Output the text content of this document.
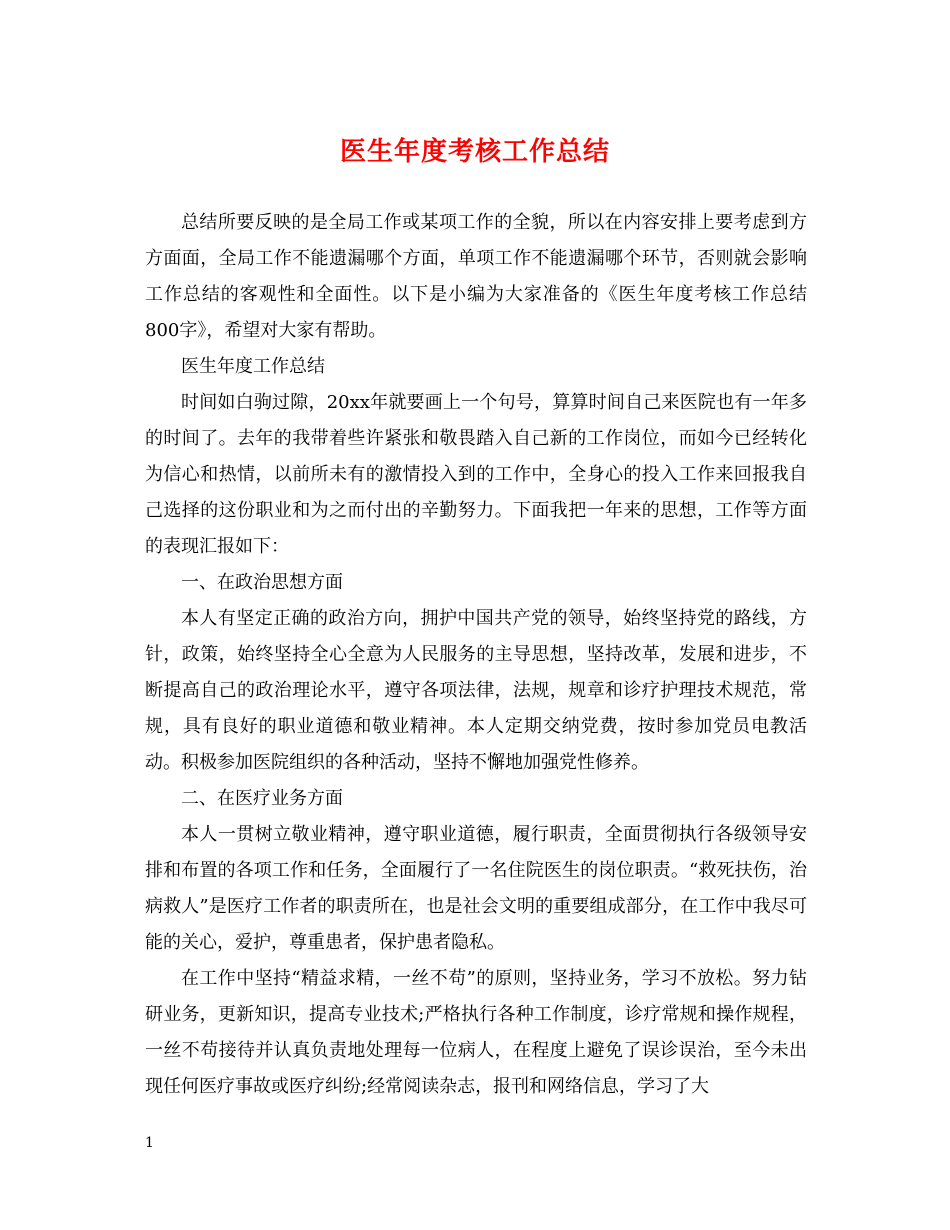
医生年度考核工作总结

总结所要反映的是全局工作或某项工作的全貌，所以在内容安排上要考虑到方方面面，全局工作不能遗漏哪个方面，单项工作不能遗漏哪个环节，否则就会影响工作总结的客观性和全面性。以下是小编为大家准备的《医生年度考核工作总结800字》，希望对大家有帮助。

医生年度工作总结

时间如白驹过隙，20xx年就要画上一个句号，算算时间自己来医院也有一年多的时间了。去年的我带着些许紧张和敬畏踏入自己新的工作岗位，而如今已经转化为信心和热情，以前所未有的激情投入到的工作中，全身心的投入工作来回报我自己选择的这份职业和为之而付出的辛勤努力。下面我把一年来的思想，工作等方面的表现汇报如下：

一、在政治思想方面

本人有坚定正确的政治方向，拥护中国共产党的领导，始终坚持党的路线，方针，政策，始终坚持全心全意为人民服务的主导思想，坚持改革，发展和进步，不断提高自己的政治理论水平，遵守各项法律，法规，规章和诊疗护理技术规范，常规，具有良好的职业道德和敬业精神。本人定期交纳党费，按时参加党员电教活动。积极参加医院组织的各种活动，坚持不懈地加强党性修养。

二、在医疗业务方面

本人一贯树立敬业精神，遵守职业道德，履行职责，全面贯彻执行各级领导安排和布置的各项工作和任务，全面履行了一名住院医生的岗位职责。“救死扶伤，治病救人”是医疗工作者的职责所在，也是社会文明的重要组成部分，在工作中我尽可能的关心，爱护，尊重患者，保护患者隐私。

在工作中坚持“精益求精，一丝不苟”的原则，坚持业务，学习不放松。努力钻研业务，更新知识，提高专业技术;严格执行各种工作制度，诊疗常规和操作规程，一丝不苟接待并认真负责地处理每一位病人，在程度上避免了误诊误治，至今未出现任何医疗事故或医疗纠纷;经常阅读杂志，报刊和网络信息，学习了大

1
